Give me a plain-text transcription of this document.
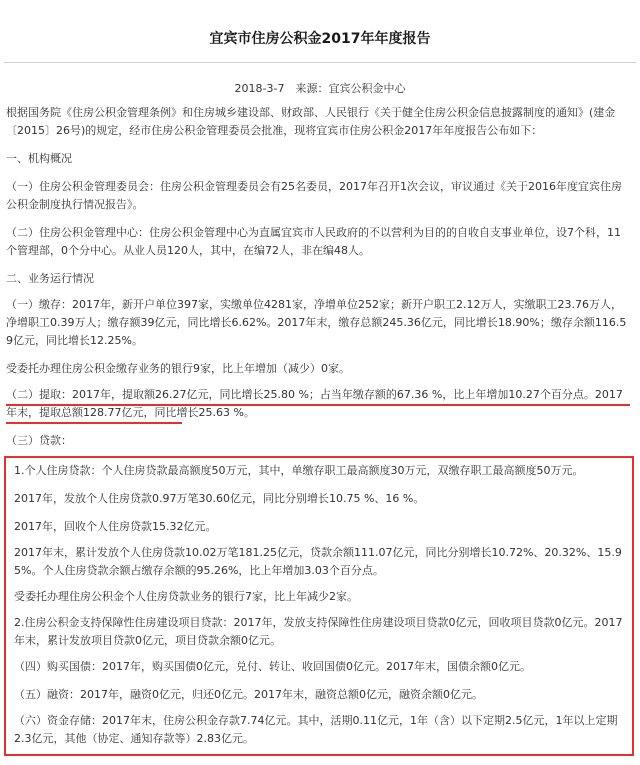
宜宾市住房公积金2017年年度报告
2018-3-7　来源：宜宾公积金中心
根据国务院《住房公积金管理条例》和住房城乡建设部、财政部、人民银行《关于健全住房公积金信息披露制度的通知》(建金〔2015〕26号)的规定，经市住房公积金管理委员会批准，现将宜宾市住房公积金2017年年度报告公布如下：
一、机构概况
（一）住房公积金管理委员会：住房公积金管理委员会有25名委员，2017年召开1次会议，审议通过《关于2016年度宜宾住房公积金制度执行情况报告》。
（二）住房公积金管理中心：住房公积金管理中心为直属宜宾市人民政府的不以营利为目的的自收自支事业单位，设7个科，11个管理部，0个分中心。从业人员120人，其中，在编72人，非在编48人。
二、业务运行情况
（一）缴存：2017年，新开户单位397家，实缴单位4281家，净增单位252家；新开户职工2.12万人，实缴职工23.76万人，净增职工0.39万人；缴存额39亿元，同比增长6.62%。2017年末，缴存总额245.36亿元，同比增长18.90%；缴存余额116.59亿元，同比增长12.25%。
受委托办理住房公积金缴存业务的银行9家，比上年增加（减少）0家。
（二）提取：2017年，提取额26.27亿元，同比增长25.80 %；占当年缴存额的67.36 %，比上年增加10.27个百分点。2017年末，提取总额128.77亿元，同比增长25.63 %。
（三）贷款：
1.个人住房贷款：个人住房贷款最高额度50万元，其中，单缴存职工最高额度30万元，双缴存职工最高额度50万元。
2017年，发放个人住房贷款0.97万笔30.60亿元，同比分别增长10.75 %、16 %。
2017年，回收个人住房贷款15.32亿元。
2017年末，累计发放个人住房贷款10.02万笔181.25亿元，贷款余额111.07亿元，同比分别增长10.72%、20.32%、15.95%。个人住房贷款余额占缴存余额的95.26%，比上年增加3.03个百分点。
受委托办理住房公积金个人住房贷款业务的银行7家，比上年减少2家。
2.住房公积金支持保障性住房建设项目贷款：2017年，发放支持保障性住房建设项目贷款0亿元，回收项目贷款0亿元。2017年末，累计发放项目贷款0亿元，项目贷款余额0亿元。
（四）购买国债：2017年，购买国债0亿元，兑付、转让、收回国债0亿元。2017年末，国债余额0亿元。
（五）融资：2017年，融资0亿元，归还0亿元。2017年末，融资总额0亿元，融资余额0亿元。
（六）资金存储：2017年末，住房公积金存款7.74亿元。其中，活期0.11亿元，1年（含）以下定期2.5亿元，1年以上定期2.3亿元，其他（协定、通知存款等）2.83亿元。
